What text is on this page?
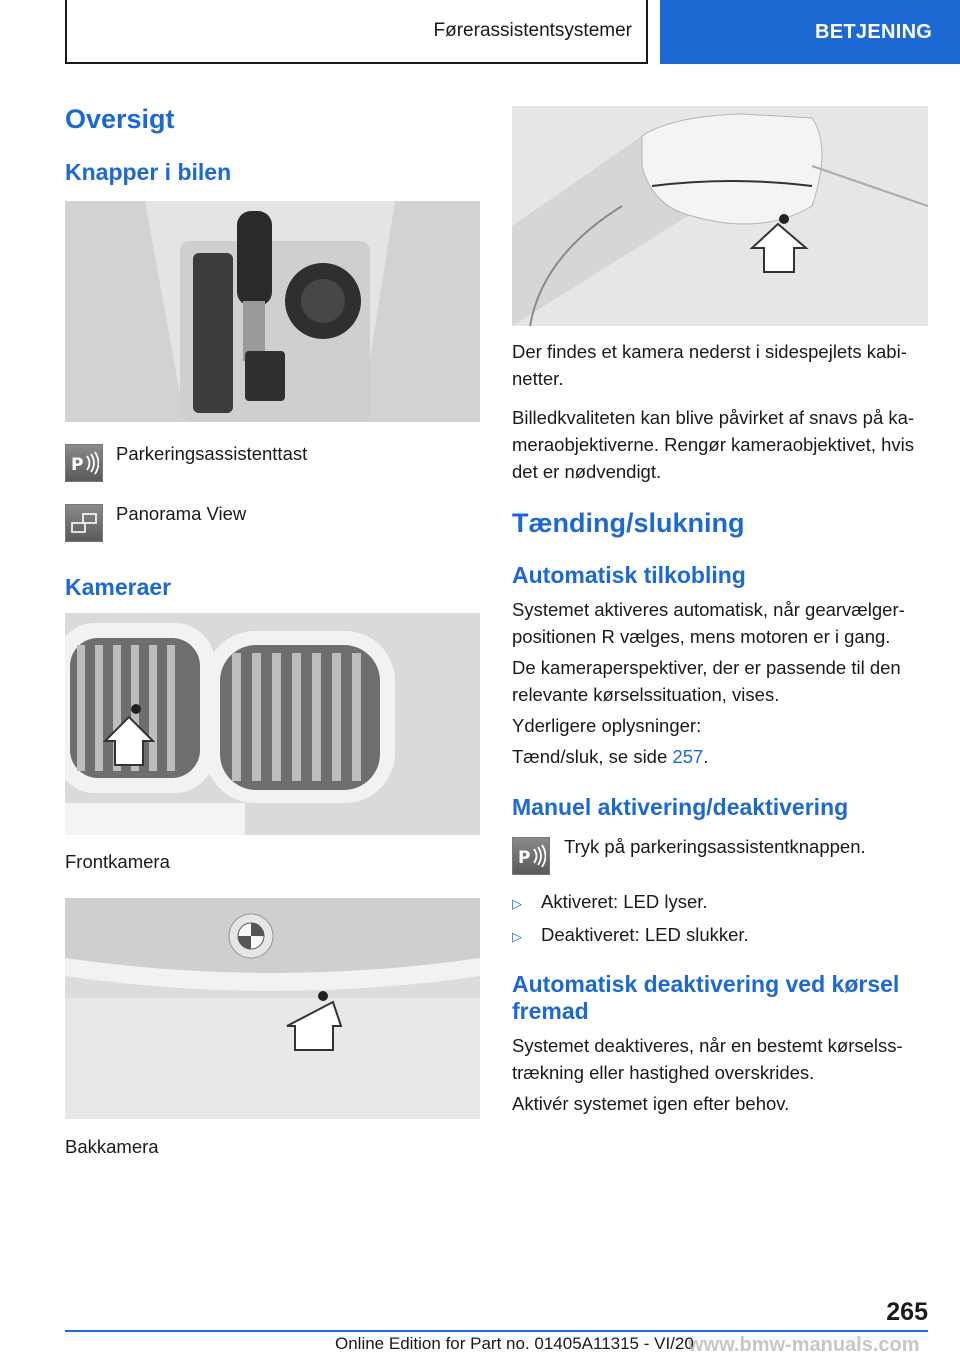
Førerassistentsystemer	BETJENING
Oversigt
Knapper i bilen
P
Parkeringsassistenttast
Panorama View
Kameraer
Frontkamera
Bakkamera
Der findes et kamera nederst i sidespejlets kabi-
netter.
Billedkvaliteten kan blive påvirket af snavs på ka-
meraobjektiverne. Rengør kameraobjektivet, hvis
det er nødvendigt.
Tænding/slukning
Automatisk tilkobling
Systemet aktiveres automatisk, når gearvælger-
positionen R vælges, mens motoren er i gang.
De kameraperspektiver, der er passende til den
relevante kørselssituation, vises.
Yderligere oplysninger:
Tænd/sluk, se side 257.
Manuel aktivering/deaktivering
P
Tryk på parkeringsassistentknappen.
▷ Aktiveret: LED lyser.
▷ Deaktiveret: LED slukker.
Automatisk deaktivering ved kørsel
fremad
Systemet deaktiveres, når en bestemt kørselss-
trækning eller hastighed overskrides.
Aktivér systemet igen efter behov.
265
Online Edition for Part no. 01405A11315 - VI/20
www.bmw-manuals.com
